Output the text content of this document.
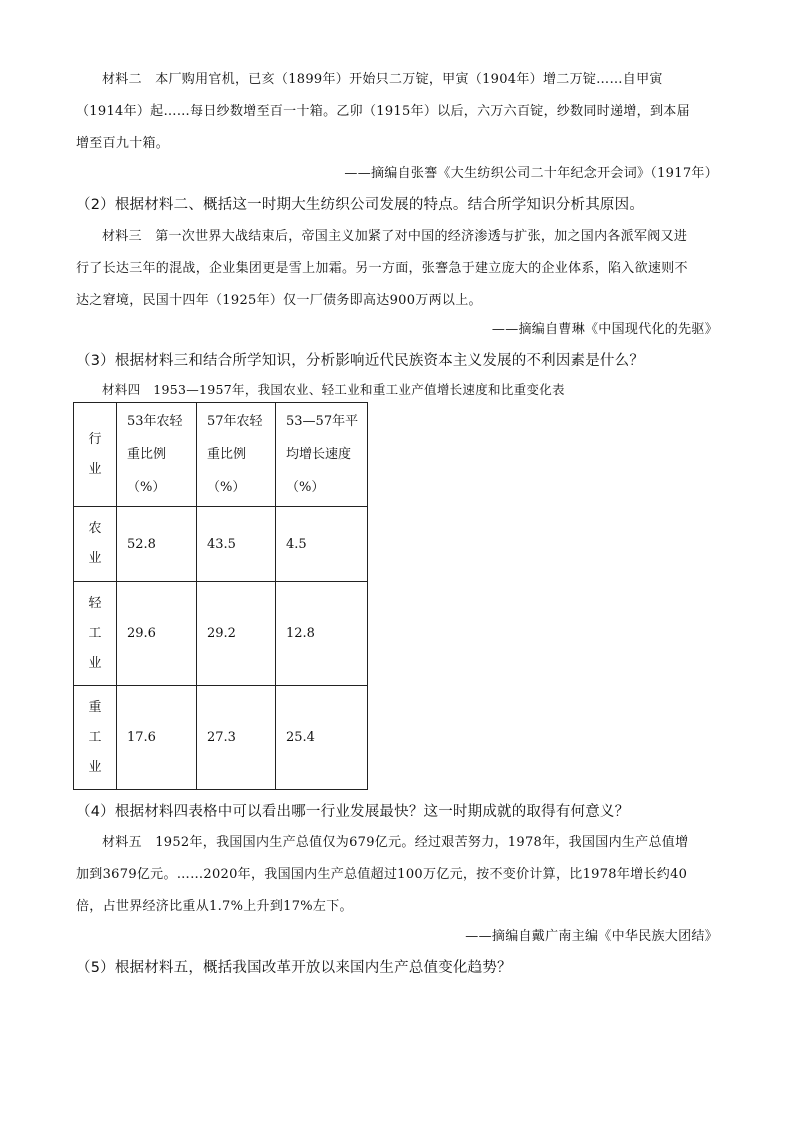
材料二　本厂购用官机，已亥（1899年）开始只二万锭，甲寅（1904年）增二万锭……自甲寅

（1914年）起……每日纱数增至百一十箱。乙卯（1915年）以后，六万六百锭，纱数同时递增，到本届

增至百九十箱。

——摘编自张謇《大生纺织公司二十年纪念开会词》（1917年）

（2）根据材料二、概括这一时期大生纺织公司发展的特点。结合所学知识分析其原因。

材料三　第一次世界大战结束后，帝国主义加紧了对中国的经济渗透与扩张，加之国内各派军阀又进

行了长达三年的混战，企业集团更是雪上加霜。另一方面，张謇急于建立庞大的企业体系，陷入欲速则不

达之窘境，民国十四年（1925年）仅一厂债务即高达900万两以上。

——摘编自曹琳《中国现代化的先驱》

（3）根据材料三和结合所学知识，分析影响近代民族资本主义发展的不利因素是什么？

材料四　1953—1957年，我国农业、轻工业和重工业产值增长速度和比重变化表

行
业	53年农轻
重比例
（%）	57年农轻
重比例
（%）	53—57年平
均增长速度
（%）

农
业	52.8	43.5	4.5

轻
工
业	29.6	29.2	12.8

重
工
业	17.6	27.3	25.4

（4）根据材料四表格中可以看出哪一行业发展最快？这一时期成就的取得有何意义？

材料五　1952年，我国国内生产总值仅为679亿元。经过艰苦努力，1978年，我国国内生产总值增

加到3679亿元。……2020年，我国国内生产总值超过100万亿元，按不变价计算，比1978年增长约40

倍，占世界经济比重从1.7%上升到17%左下。

——摘编自戴广南主编《中华民族大团结》

（5）根据材料五，概括我国改革开放以来国内生产总值变化趋势？
